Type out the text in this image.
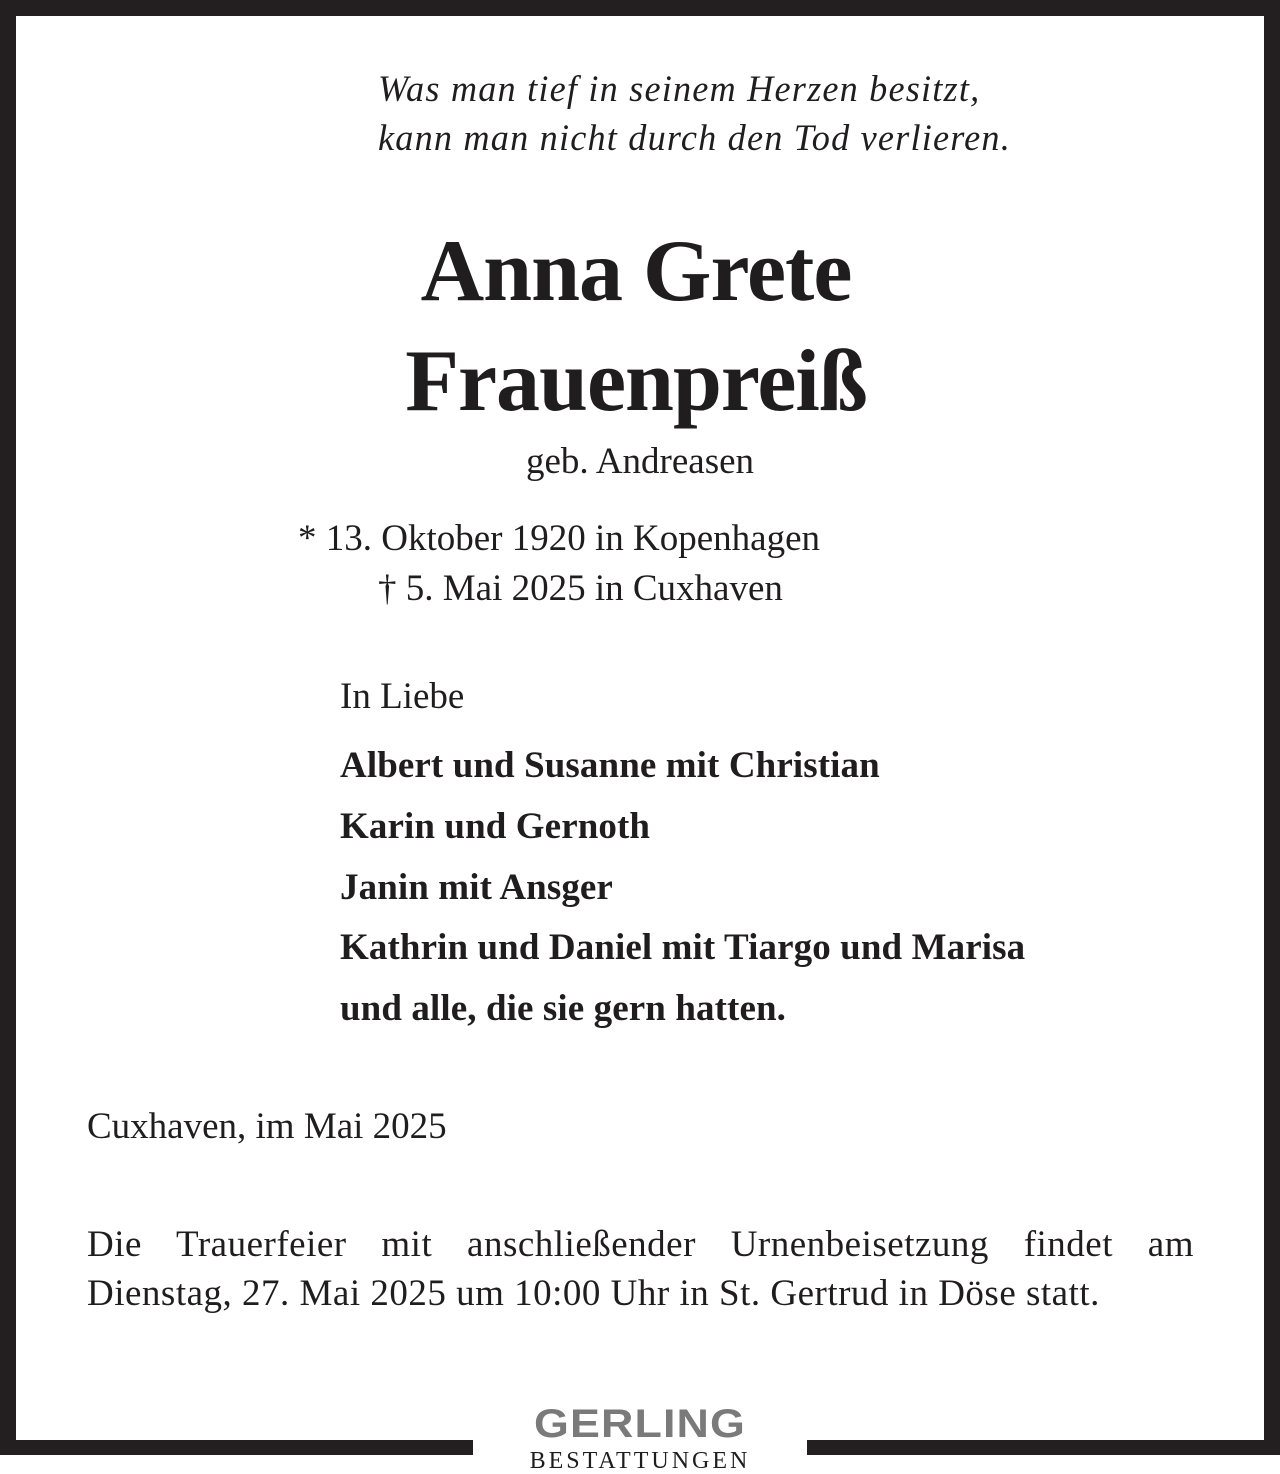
Was man tief in seinem Herzen besitzt,
kann man nicht durch den Tod verlieren.
Anna Grete
Frauenpreiß
geb. Andreasen
* 13. Oktober 1920 in Kopenhagen
† 5. Mai 2025 in Cuxhaven
In Liebe
Albert und Susanne mit Christian
Karin und Gernoth
Janin mit Ansger
Kathrin und Daniel mit Tiargo und Marisa
und alle, die sie gern hatten.
Cuxhaven, im Mai 2025
Die Trauerfeier mit anschließender Urnenbeisetzung findet am Dienstag, 27. Mai 2025 um 10:00 Uhr in St. Gertrud in Döse statt.
GERLING
BESTATTUNGEN
